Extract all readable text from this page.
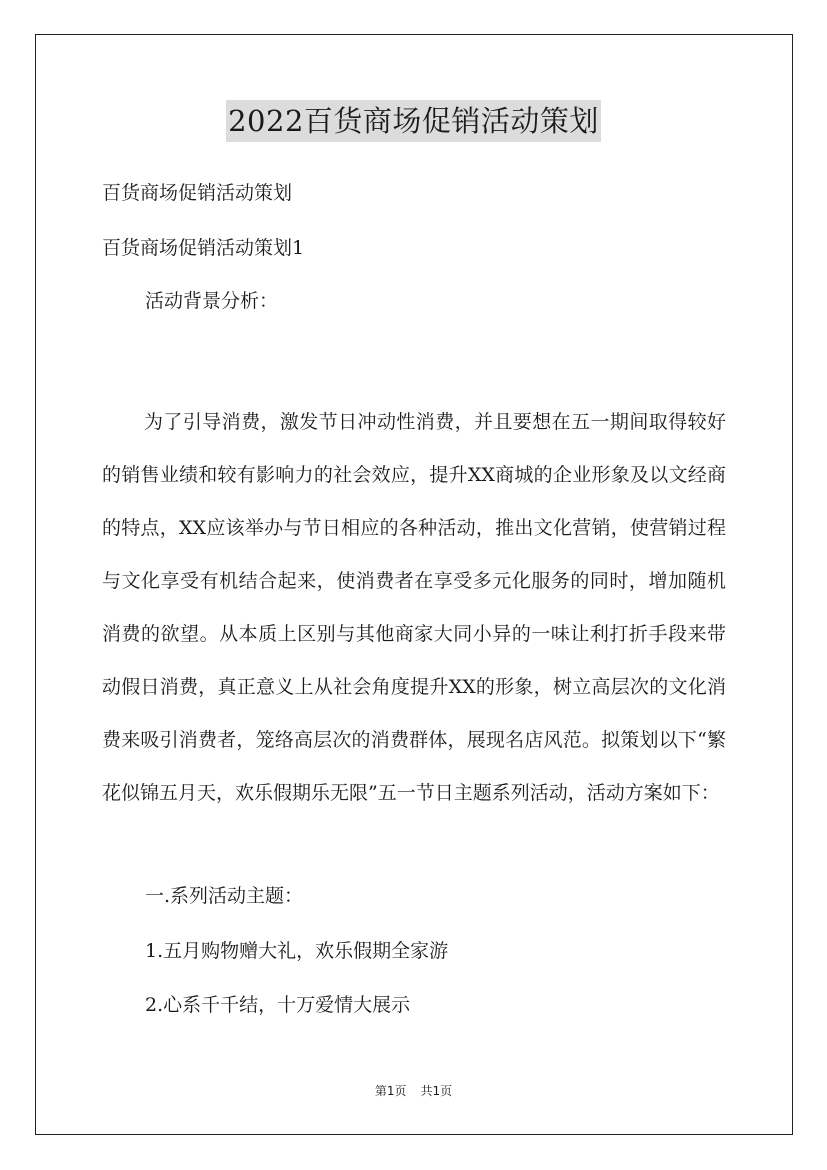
2022百货商场促销活动策划
百货商场促销活动策划
百货商场促销活动策划1
活动背景分析：

为了引导消费，激发节日冲动性消费，并且要想在五一期间取得较好的销售业绩和较有影响力的社会效应，提升XX商城的企业形象及以文经商的特点，XX应该举办与节日相应的各种活动，推出文化营销，使营销过程与文化享受有机结合起来，使消费者在享受多元化服务的同时，增加随机消费的欲望。从本质上区别与其他商家大同小异的一味让利打折手段来带动假日消费，真正意义上从社会角度提升XX的形象，树立高层次的文化消费来吸引消费者，笼络高层次的消费群体，展现名店风范。拟策划以下“繁花似锦五月天，欢乐假期乐无限”五一节日主题系列活动，活动方案如下：

一.系列活动主题：
1.五月购物赠大礼，欢乐假期全家游
2.心系千千结，十万爱情大展示
第1页 共1页
